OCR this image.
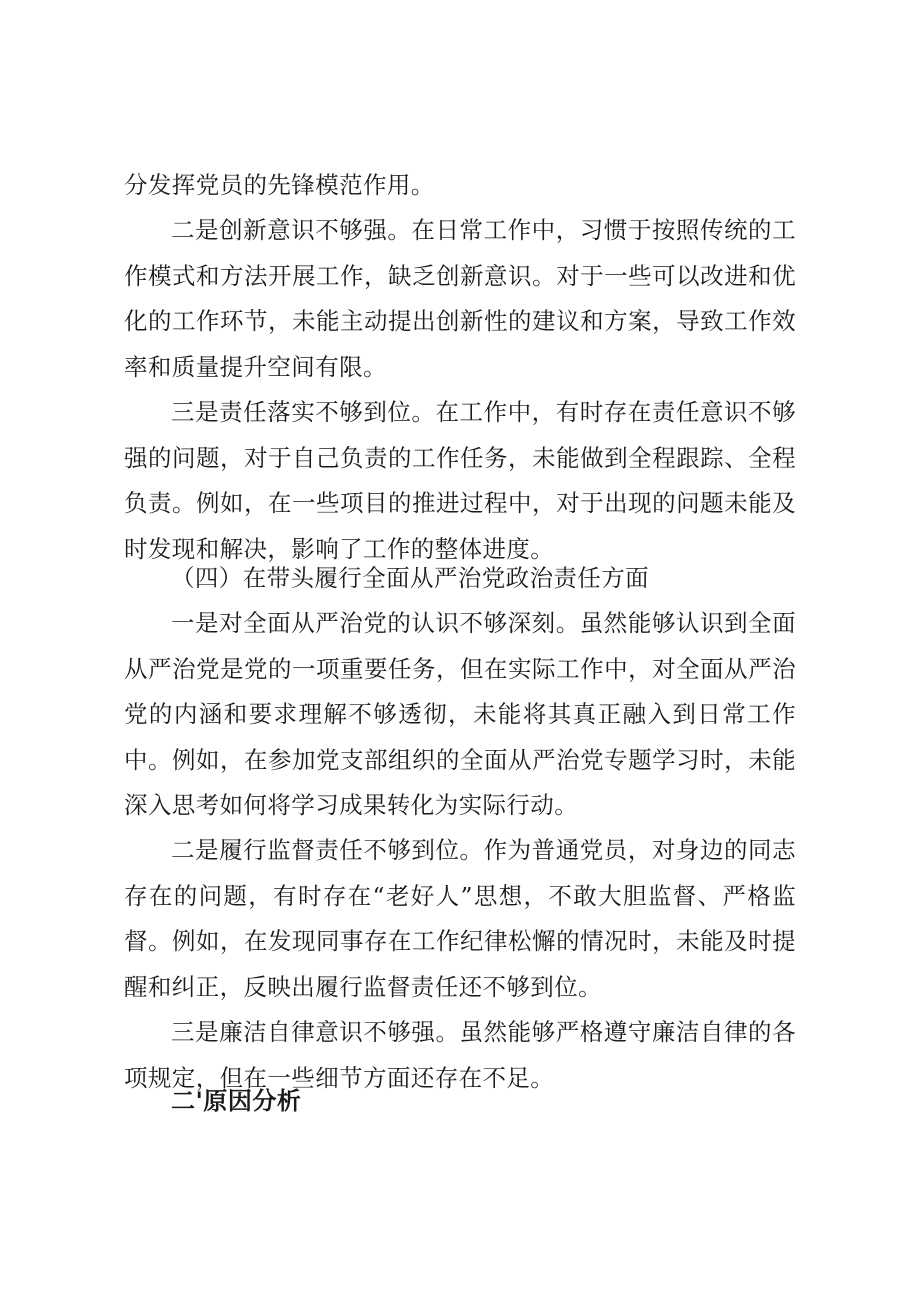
分发挥党员的先锋模范作用。

二是创新意识不够强。在日常工作中，习惯于按照传统的工作模式和方法开展工作，缺乏创新意识。对于一些可以改进和优化的工作环节，未能主动提出创新性的建议和方案，导致工作效率和质量提升空间有限。

三是责任落实不够到位。在工作中，有时存在责任意识不够强的问题，对于自己负责的工作任务，未能做到全程跟踪、全程负责。例如，在一些项目的推进过程中，对于出现的问题未能及时发现和解决，影响了工作的整体进度。

（四）在带头履行全面从严治党政治责任方面

一是对全面从严治党的认识不够深刻。虽然能够认识到全面从严治党是党的一项重要任务，但在实际工作中，对全面从严治党的内涵和要求理解不够透彻，未能将其真正融入到日常工作中。例如，在参加党支部组织的全面从严治党专题学习时，未能深入思考如何将学习成果转化为实际行动。

二是履行监督责任不够到位。作为普通党员，对身边的同志存在的问题，有时存在“老好人”思想，不敢大胆监督、严格监督。例如，在发现同事存在工作纪律松懈的情况时，未能及时提醒和纠正，反映出履行监督责任还不够到位。

三是廉洁自律意识不够强。虽然能够严格遵守廉洁自律的各项规定，但在一些细节方面还存在不足。

二'原因分析
